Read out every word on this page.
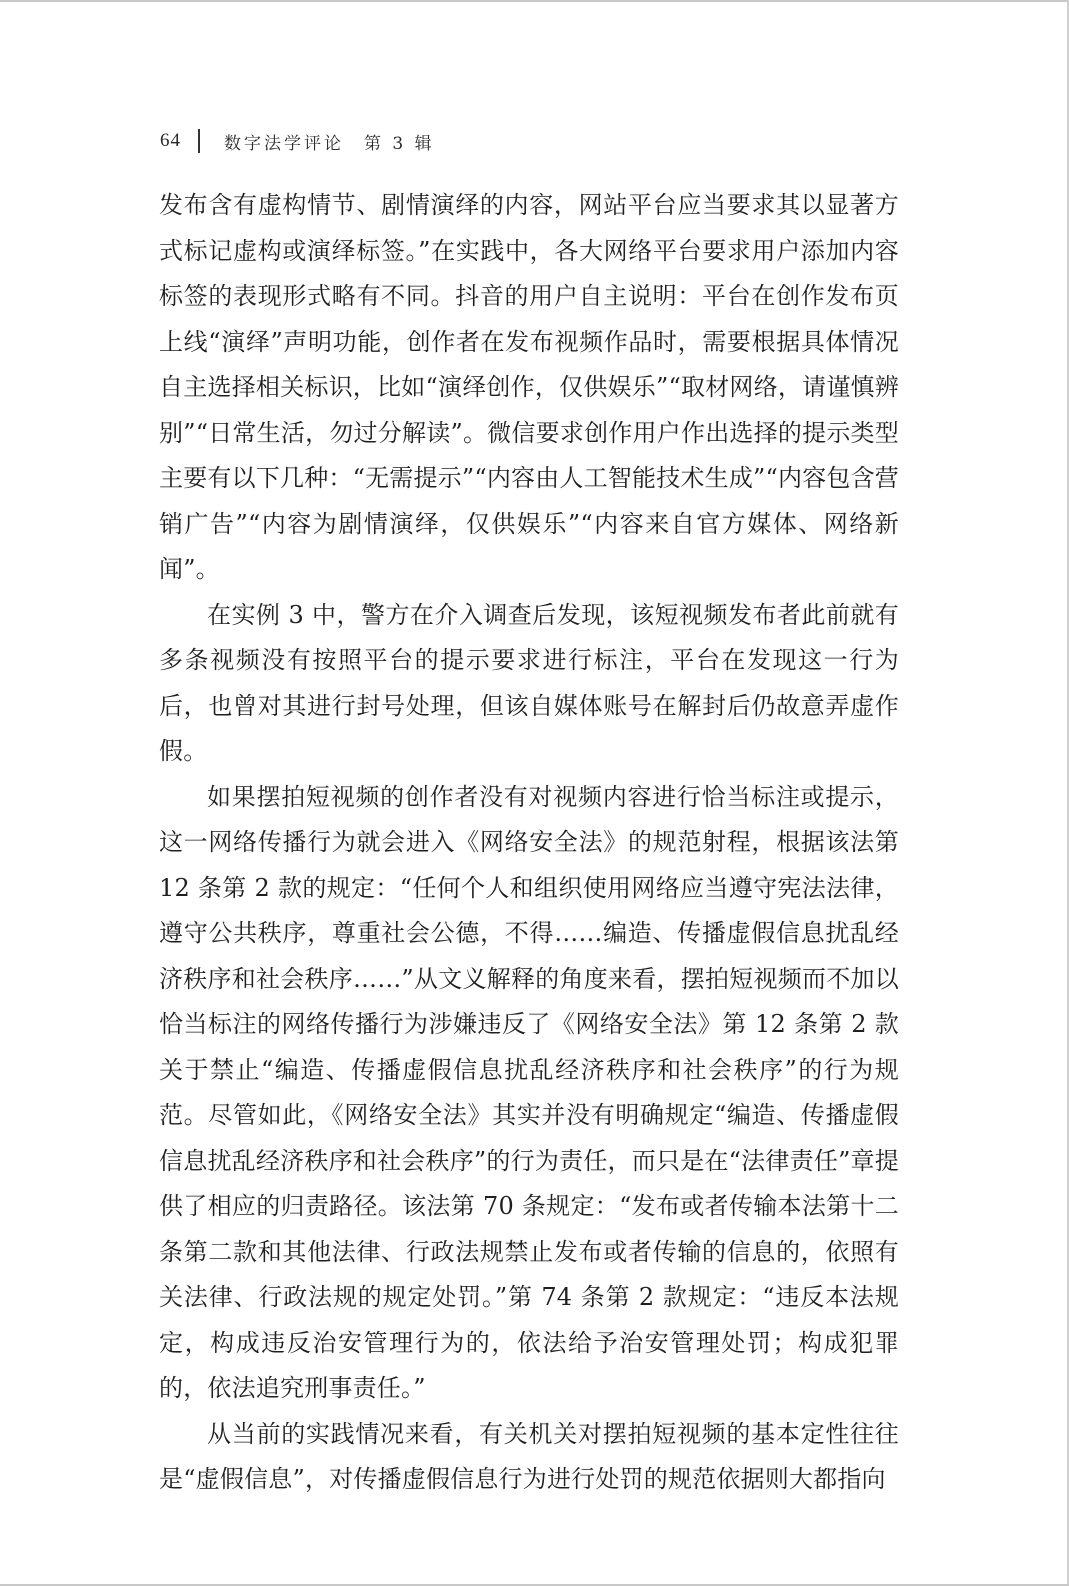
64	数字法学评论　第 3 辑

发布含有虚构情节、剧情演绎的内容，网站平台应当要求其以显著方式标记虚构或演绎标签。”在实践中，各大网络平台要求用户添加内容标签的表现形式略有不同。抖音的用户自主说明：平台在创作发布页上线“演绎”声明功能，创作者在发布视频作品时，需要根据具体情况自主选择相关标识，比如“演绎创作，仅供娱乐”“取材网络，请谨慎辨别”“日常生活，勿过分解读”。微信要求创作用户作出选择的提示类型主要有以下几种：“无需提示”“内容由人工智能技术生成”“内容包含营销广告”“内容为剧情演绎，仅供娱乐”“内容来自官方媒体、网络新闻”。

在实例 3 中，警方在介入调查后发现，该短视频发布者此前就有多条视频没有按照平台的提示要求进行标注，平台在发现这一行为后，也曾对其进行封号处理，但该自媒体账号在解封后仍故意弄虚作假。

如果摆拍短视频的创作者没有对视频内容进行恰当标注或提示，这一网络传播行为就会进入《网络安全法》的规范射程，根据该法第 12 条第 2 款的规定：“任何个人和组织使用网络应当遵守宪法法律，遵守公共秩序，尊重社会公德，不得……编造、传播虚假信息扰乱经济秩序和社会秩序……”从文义解释的角度来看，摆拍短视频而不加以恰当标注的网络传播行为涉嫌违反了《网络安全法》第 12 条第 2 款关于禁止“编造、传播虚假信息扰乱经济秩序和社会秩序”的行为规范。尽管如此，《网络安全法》其实并没有明确规定“编造、传播虚假信息扰乱经济秩序和社会秩序”的行为责任，而只是在“法律责任”章提供了相应的归责路径。该法第 70 条规定：“发布或者传输本法第十二条第二款和其他法律、行政法规禁止发布或者传输的信息的，依照有关法律、行政法规的规定处罚。”第 74 条第 2 款规定：“违反本法规定，构成违反治安管理行为的，依法给予治安管理处罚；构成犯罪的，依法追究刑事责任。”

从当前的实践情况来看，有关机关对摆拍短视频的基本定性往往是“虚假信息”，对传播虚假信息行为进行处罚的规范依据则大都指向
